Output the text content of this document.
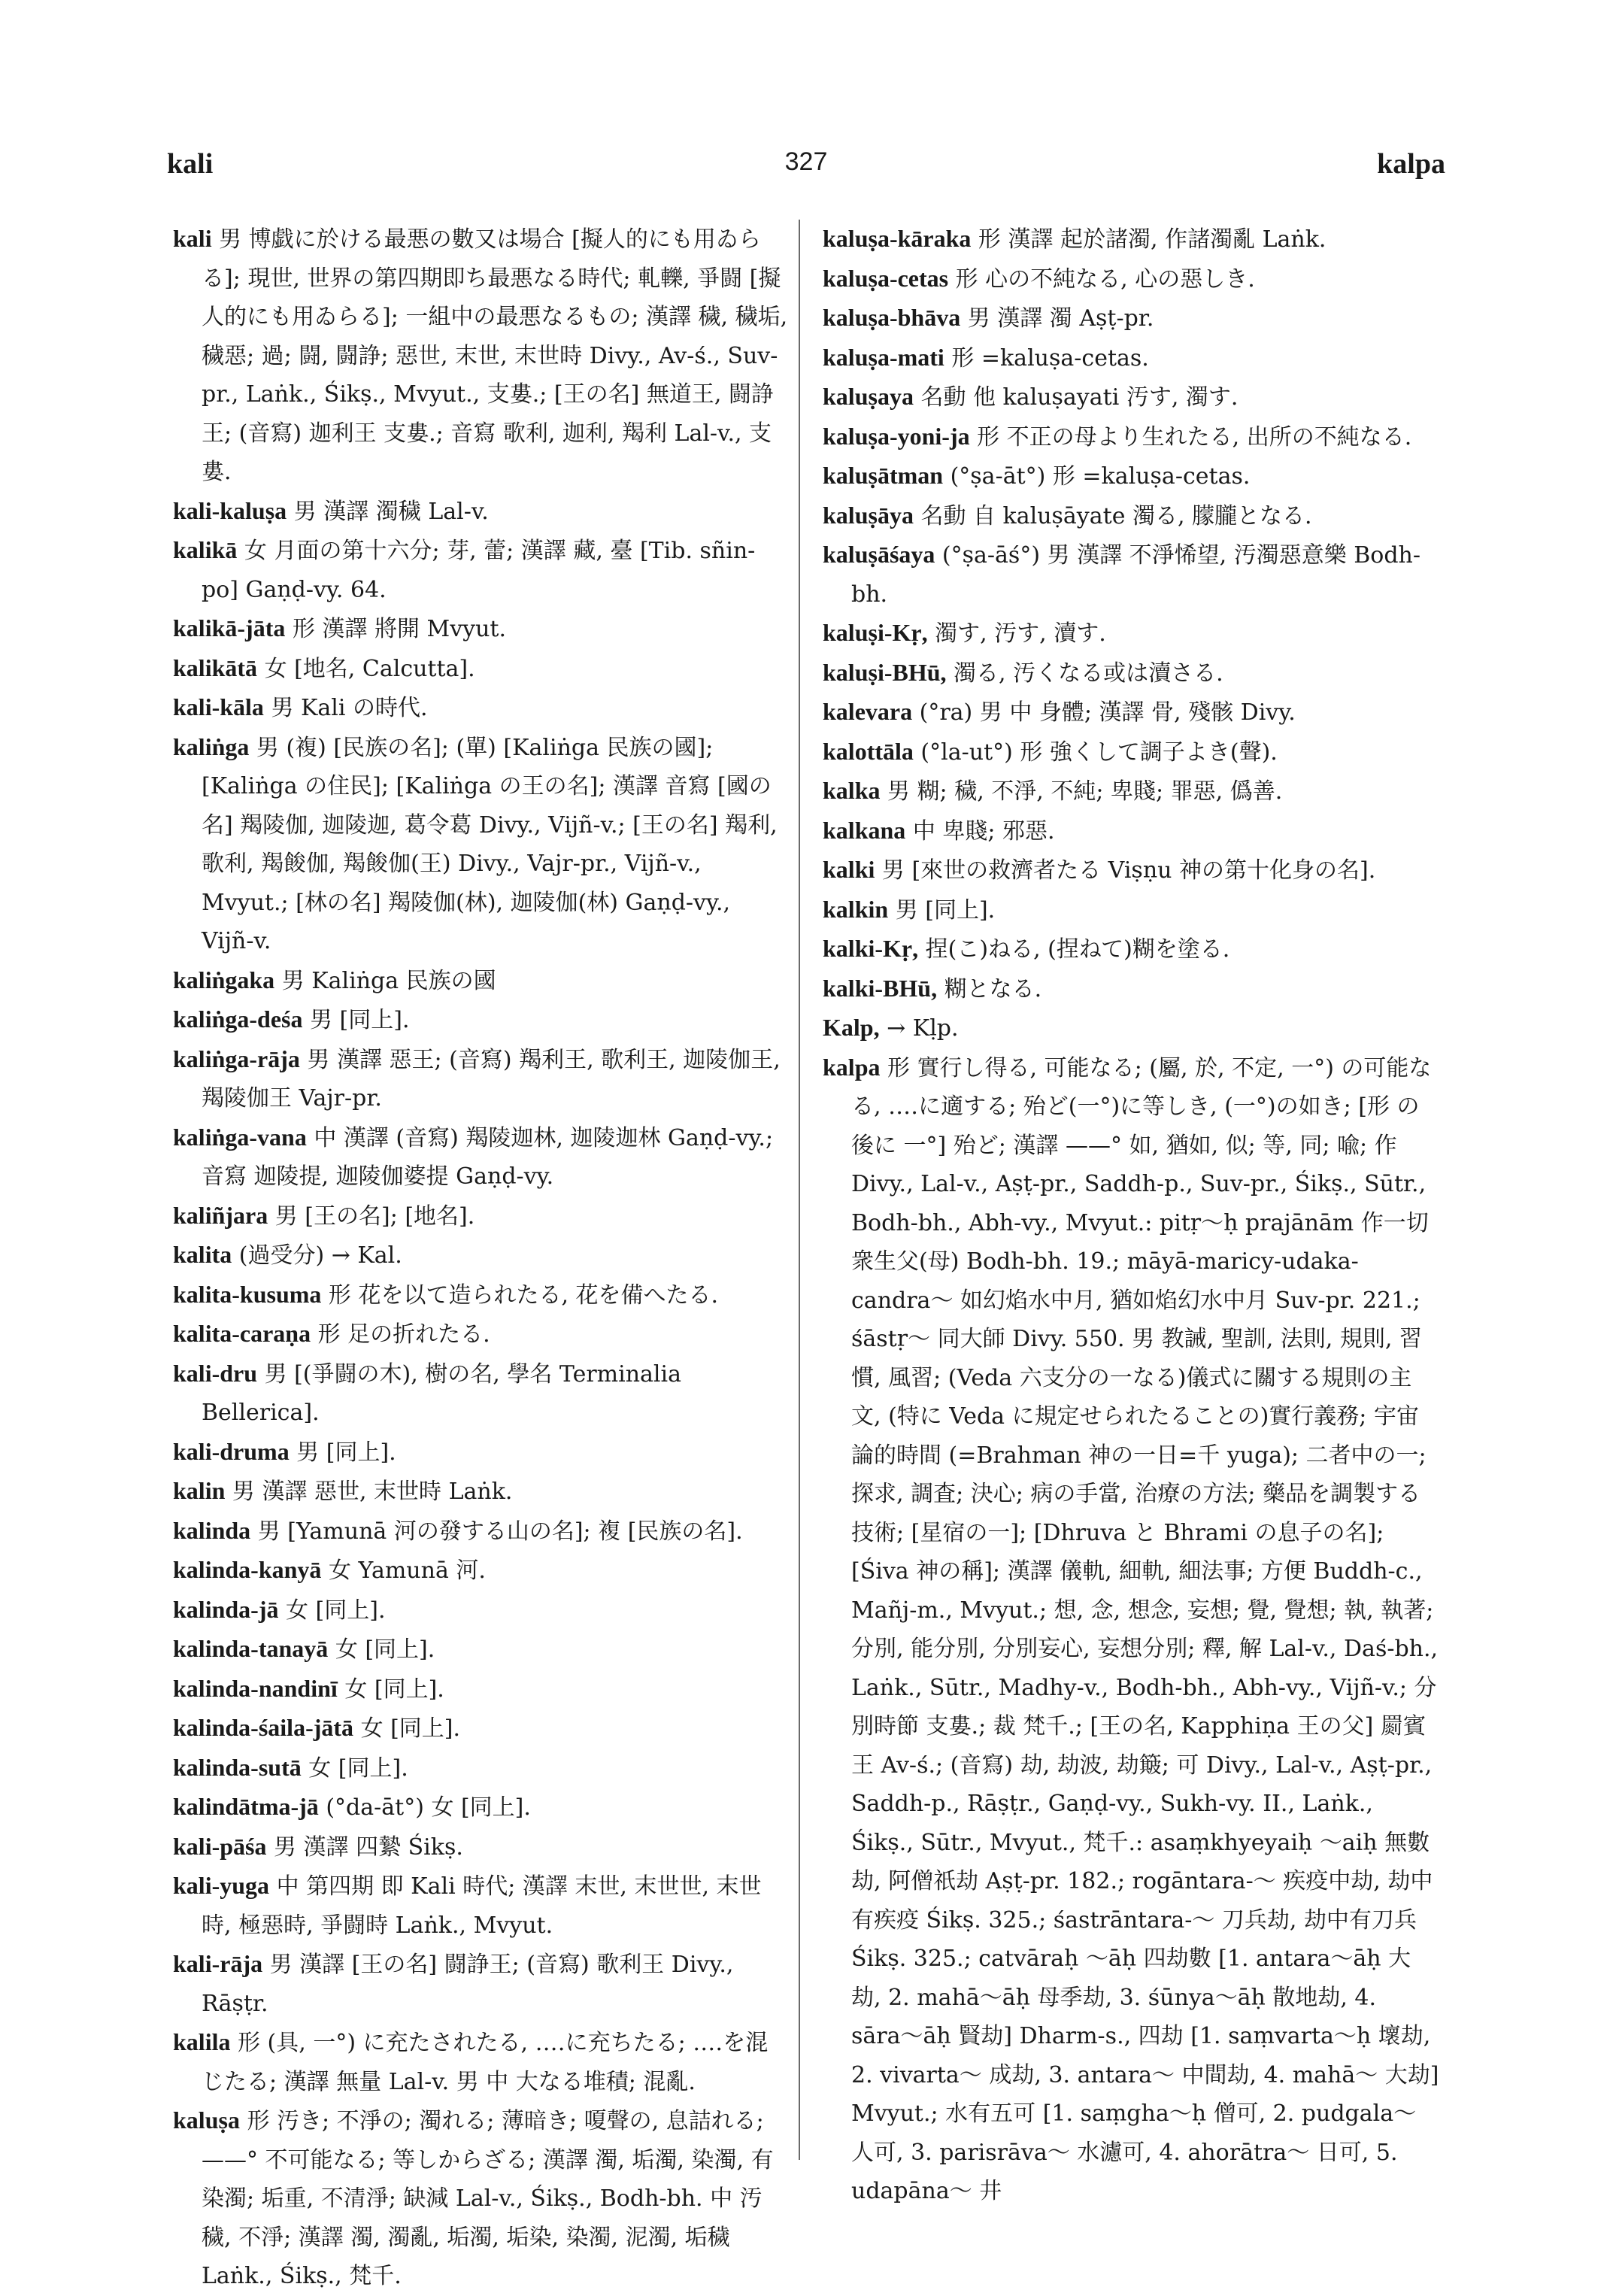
kali	327	kalpa

kali 男 博戯に於ける最悪の數又は場合 [擬人的にも用ゐらる]; 現世, 世界の第四期即ち最悪なる時代; 軋轢, 爭闘 [擬人的にも用ゐらる]; 一組中の最悪なるもの; 漢譯 穢, 穢垢, 穢惡; 過; 闘, 闘諍; 惡世, 末世, 末世時 Divy., Av-ś., Suv-pr., Laṅk., Śikṣ., Mvyut., 支婁.; [王の名] 無道王, 闘諍王; (音寫) 迦利王 支婁.; 音寫 歌利, 迦利, 羯利 Lal-v., 支婁.

kali-kaluṣa 男 漢譯 濁穢 Lal-v.

kalikā 女 月面の第十六分; 芽, 蕾; 漢譯 藏, 臺 [Tib. sñin-po] Gaṇḍ-vy. 64.

kalikā-jāta 形 漢譯 將開 Mvyut.

kalikātā 女 [地名, Calcutta].

kali-kāla 男 Kali の時代.

kaliṅga 男 (複) [民族の名]; (單) [Kaliṅga 民族の國]; [Kaliṅga の住民]; [Kaliṅga の王の名]; 漢譯 音寫 [國の名] 羯陵伽, 迦陵迦, 葛令葛 Divy., Vijñ-v.; [王の名] 羯利, 歌利, 羯餕伽, 羯餕伽(王) Divy., Vajr-pr., Vijñ-v., Mvyut.; [林の名] 羯陵伽(林), 迦陵伽(林) Gaṇḍ-vy., Vijñ-v.

kaliṅgaka 男 Kaliṅga 民族の國

kaliṅga-deśa 男 [同上].

kaliṅga-rāja 男 漢譯 惡王; (音寫) 羯利王, 歌利王, 迦陵伽王, 羯陵伽王 Vajr-pr.

kaliṅga-vana 中 漢譯 (音寫) 羯陵迦林, 迦陵迦林 Gaṇḍ-vy.; 音寫 迦陵提, 迦陵伽婆提 Gaṇḍ-vy.

kaliñjara 男 [王の名]; [地名].

kalita (過受分) → Kal.

kalita-kusuma 形 花を以て造られたる, 花を備へたる.

kalita-caraṇa 形 足の折れたる.

kali-dru 男 [(爭闘の木), 樹の名, 學名 Terminalia Bellerica].

kali-druma 男 [同上].

kalin 男 漢譯 惡世, 末世時 Laṅk.

kalinda 男 [Yamunā 河の發する山の名]; 複 [民族の名].

kalinda-kanyā 女 Yamunā 河.

kalinda-jā 女 [同上].

kalinda-tanayā 女 [同上].

kalinda-nandinī 女 [同上].

kalinda-śaila-jātā 女 [同上].

kalinda-sutā 女 [同上].

kalindātma-jā (°da-āt°) 女 [同上].

kali-pāśa 男 漢譯 四縶 Śikṣ.

kali-yuga 中 第四期 即 Kali 時代; 漢譯 末世, 末世世, 末世時, 極惡時, 爭闘時 Laṅk., Mvyut.

kali-rāja 男 漢譯 [王の名] 闘諍王; (音寫) 歌利王 Divy., Rāṣṭr.

kalila 形 (具, 一°) に充たされたる, ‥‥に充ちたる; ‥‥を混じたる; 漢譯 無量 Lal-v. 男 中 大なる堆積; 混亂.

kaluṣa 形 汚き; 不淨の; 濁れる; 薄暗き; 嗄聲の, 息詰れる; ——° 不可能なる; 等しからざる; 漢譯 濁, 垢濁, 染濁, 有染濁; 垢重, 不清淨; 缺減 Lal-v., Śikṣ., Bodh-bh. 中 汚穢, 不淨; 漢譯 濁, 濁亂, 垢濁, 垢染, 染濁, 泥濁, 垢穢 Laṅk., Śikṣ., 梵千.

kaluṣa-kāraka 形 漢譯 起於諸濁, 作諸濁亂 Laṅk.

kaluṣa-cetas 形 心の不純なる, 心の惡しき.

kaluṣa-bhāva 男 漢譯 濁 Aṣṭ-pr.

kaluṣa-mati 形 =kaluṣa-cetas.

kaluṣaya 名動 他 kaluṣayati 汚す, 濁す.

kaluṣa-yoni-ja 形 不正の母より生れたる, 出所の不純なる.

kaluṣātman (°ṣa-āt°) 形 =kaluṣa-cetas.

kaluṣāya 名動 自 kaluṣāyate 濁る, 朦朧となる.

kaluṣāśaya (°ṣa-āś°) 男 漢譯 不淨悕望, 汚濁惡意樂 Bodh-bh.

kaluṣi-Kṛ, 濁す, 汚す, 瀆す.

kaluṣi-BHū, 濁る, 汚くなる或は瀆さる.

kalevara (°ra) 男 中 身體; 漢譯 骨, 殘骸 Divy.

kalottāla (°la-ut°) 形 強くして調子よき(聲).

kalka 男 糊; 穢, 不淨, 不純; 卑賤; 罪惡, 僞善.

kalkana 中 卑賤; 邪惡.

kalki 男 [來世の救濟者たる Viṣṇu 神の第十化身の名].

kalkin 男 [同上].

kalki-Kṛ, 捏(こ)ねる, (捏ねて)糊を塗る.

kalki-BHū, 糊となる.

Kalp, → Kḷp.

kalpa 形 實行し得る, 可能なる; (屬, 於, 不定, 一°) の可能なる, ‥‥に適する; 殆ど(一°)に等しき, (一°)の如き; [形 の後に 一°] 殆ど; 漢譯 ——° 如, 猶如, 似; 等, 同; 喩; 作 Divy., Lal-v., Aṣṭ-pr., Saddh-p., Suv-pr., Śikṣ., Sūtr., Bodh-bh., Abh-vy., Mvyut.: pitṛ〜ḥ prajānām 作一切衆生父(母) Bodh-bh. 19.; māyā-maricy-udaka-candra〜 如幻焰水中月, 猶如焰幻水中月 Suv-pr. 221.; śāstṛ〜 同大師 Divy. 550. 男 教誡, 聖訓, 法則, 規則, 習慣, 風習; (Veda 六支分の一なる)儀式に關する規則の主文, (特に Veda に規定せられたることの)實行義務; 宇宙論的時間 (=Brahman 神の一日=千 yuga); 二者中の一; 探求, 調査; 決心; 病の手當, 治療の方法; 藥品を調製する技術; [星宿の一]; [Dhruva と Bhrami の息子の名]; [Śiva 神の稱]; 漢譯 儀軌, 細軌, 細法事; 方便 Buddh-c., Mañj-m., Mvyut.; 想, 念, 想念, 妄想; 覺, 覺想; 執, 執著; 分別, 能分別, 分別妄心, 妄想分別; 釋, 解 Lal-v., Daś-bh., Laṅk., Sūtr., Madhy-v., Bodh-bh., Abh-vy., Vijñ-v.; 分別時節 支婁.; 裁 梵千.; [王の名, Kapphiṇa 王の父] 罽賓王 Av-ś.; (音寫) 劫, 劫波, 劫簸; 可 Divy., Lal-v., Aṣṭ-pr., Saddh-p., Rāṣṭr., Gaṇḍ-vy., Sukh-vy. II., Laṅk., Śikṣ., Sūtr., Mvyut., 梵千.: asaṃkhyeyaiḥ 〜aiḥ 無數劫, 阿僧祇劫 Aṣṭ-pr. 182.; rogāntara-〜 疾疫中劫, 劫中有疾疫 Śikṣ. 325.; śastrāntara-〜 刀兵劫, 劫中有刀兵 Śikṣ. 325.; catvāraḥ 〜āḥ 四劫數 [1. antara〜āḥ 大劫, 2. mahā〜āḥ 母季劫, 3. śūnya〜āḥ 散地劫, 4. sāra〜āḥ 賢劫] Dharm-s., 四劫 [1. saṃvarta〜ḥ 壞劫, 2. vivarta〜 成劫, 3. antara〜 中間劫, 4. mahā〜 大劫] Mvyut.; 水有五可 [1. saṃgha〜ḥ 僧可, 2. pudgala〜 人可, 3. parisrāva〜 水濾可, 4. ahorātra〜 日可, 5. udapāna〜 井
